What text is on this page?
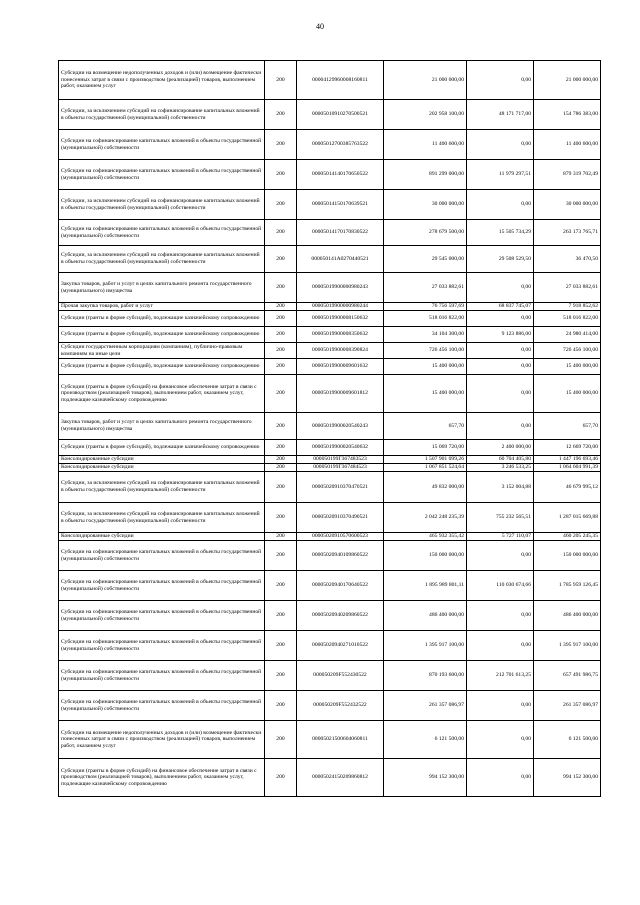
40
Субсидии на возмещение недополученных доходов и (или) возмещение фактически понесенных затрат в связи с производством (реализацией) товаров, выполнением работ, оказанием услуг	200	00004129960008160811	21 000 000,00	0,00	21 000 000,00
Субсидии, за исключением субсидий на софинансирование капитальных вложений в объекты государственной (муниципальной) собственности	200	00005010910270500521	202 958 100,00	48 171 717,00	154 786 383,00
Субсидии на софинансирование капитальных вложений в объекты государственной (муниципальной) собственности	200	0000501270038576352​2	11 400 600,00	0,00	11 400 600,00
Субсидии на софинансирование капитальных вложений в объекты государственной (муниципальной) собственности	200	00005014140170650522	891 299 000,00	11 979 297,51	879 319 702,49
Субсидии, за исключением субсидий на софинансирование капитальных вложений в объекты государственной (муниципальной) собственности	200	00005014150170639521	30 000 000,00	0,00	30 000 000,00
Субсидии на софинансирование капитальных вложений в объекты государственной (муниципальной) собственности	200	00005014170170830522	278 679 500,00	15 505 734,29	263 173 765,71
Субсидии, за исключением субсидий на софинансирование капитальных вложений в объекты государственной (муниципальной) собственности	200	000050141А0270440521	29 545 000,00	29 508 529,50	36 470,50
Закупка товаров, работ и услуг в целях капитального ремонта государственного (муниципального) имущества	200	00005019900000980243	27 033 882,61	0,00	27 033 882,61
Прочая закупка товаров, работ и услуг	200	00005019900000980244	76 756 597,69	68 837 745,07	7 918 852,62
Субсидии (гранты в форме субсидий), подлежащие казначейскому сопровождению	200	00005019900008150632	518 016 822,00	0,00	518 016 822,00
Субсидии (гранты в форме субсидий), подлежащие казначейскому сопровождению	200	00005019900008350632	34 104 300,00	9 123 886,00	24 980 414,00
Субсидии государственным корпорациям (компаниям), публично-правовым компаниям на иные цели	200	00005019900008390824	726 456 100,00	0,00	726 456 100,00
Субсидии (гранты в форме субсидий), подлежащие казначейскому сопровождению	200	00005019900009601632	15 400 000,00	0,00	15 400 000,00
Субсидии (гранты в форме субсидий) на финансовое обеспечение затрат в связи с производством (реализацией товаров), выполнением работ, оказанием услуг, подлежащие казначейскому сопровождению	200	00005019900009601812	15 400 000,00	0,00	15 400 000,00
Закупка товаров, работ и услуг в целях капитального ремонта государственного (муниципального) имущества	200	00005019900020540243	657,70	0,00	657,70
Субсидии (гранты в форме субсидий), подлежащие казначейскому сопровождению	200	00005019900020540632	15 069 720,00	2 400 000,00	12 669 720,00
Консолидированные субсидии	200	000050199Г367483523	1 507 901 099,26	60 704 405,80	1 447 196 693,46
Консолидированные субсидии	200	000050199Г367484523	1 067 851 524,64	3 246 533,25	1 064 604 991,39
Субсидии, за исключением субсидий на софинансирование капитальных вложений в объекты государственной (муниципальной) собственности	200	00005020910370470521	49 832 000,00	3 152 004,88	46 679 995,12
Субсидии, за исключением субсидий на софинансирование капитальных вложений в объекты государственной (муниципальной) собственности	200	00005020910370490521	2 042 248 235,39	755 232 565,51	1 287 015 669,88
Консолидированные субсидии	200	00005020910570600523	465 932 355,42	5 727 110,07	460 205 245,35
Субсидии на софинансирование капитальных вложений в объекты государственной (муниципальной) собственности	200	00005020940109860522	150 000 000,00	0,00	150 000 000,00
Субсидии на софинансирование капитальных вложений в объекты государственной (муниципальной) собственности	200	00005020940170640522	1 895 989 801,11	110 030 674,66	1 785 959 126,45
Субсидии на софинансирование капитальных вложений в объекты государственной (муниципальной) собственности	200	00005020940209860522	486 400 000,00	0,00	486 400 000,00
Субсидии на софинансирование капитальных вложений в объекты государственной (муниципальной) собственности	200	00005020940271010522	1 395 917 100,00	0,00	1 395 917 100,00
Субсидии на софинансирование капитальных вложений в объекты государственной (муниципальной) собственности	200	000050209F552430522	870 193 600,00	212 701 613,25	657 491 986,75
Субсидии на софинансирование капитальных вложений в объекты государственной (муниципальной) собственности	200	000050209F552432522	261 357 086,97	0,00	261 357 086,97
Субсидии на возмещение недополученных доходов и (или) возмещение фактически понесенных затрат в связи с производством (реализацией) товаров, выполнением работ, оказанием услуг	200	00005021500604060811	6 121 500,00	0,00	6 121 500,00
Субсидии (гранты в форме субсидий) на финансовое обеспечение затрат в связи с производством (реализацией товаров), выполнением работ, оказанием услуг, подлежащие казначейскому сопровождению	200	00005024150209860812	994 152 300,00	0,00	994 152 300,00
